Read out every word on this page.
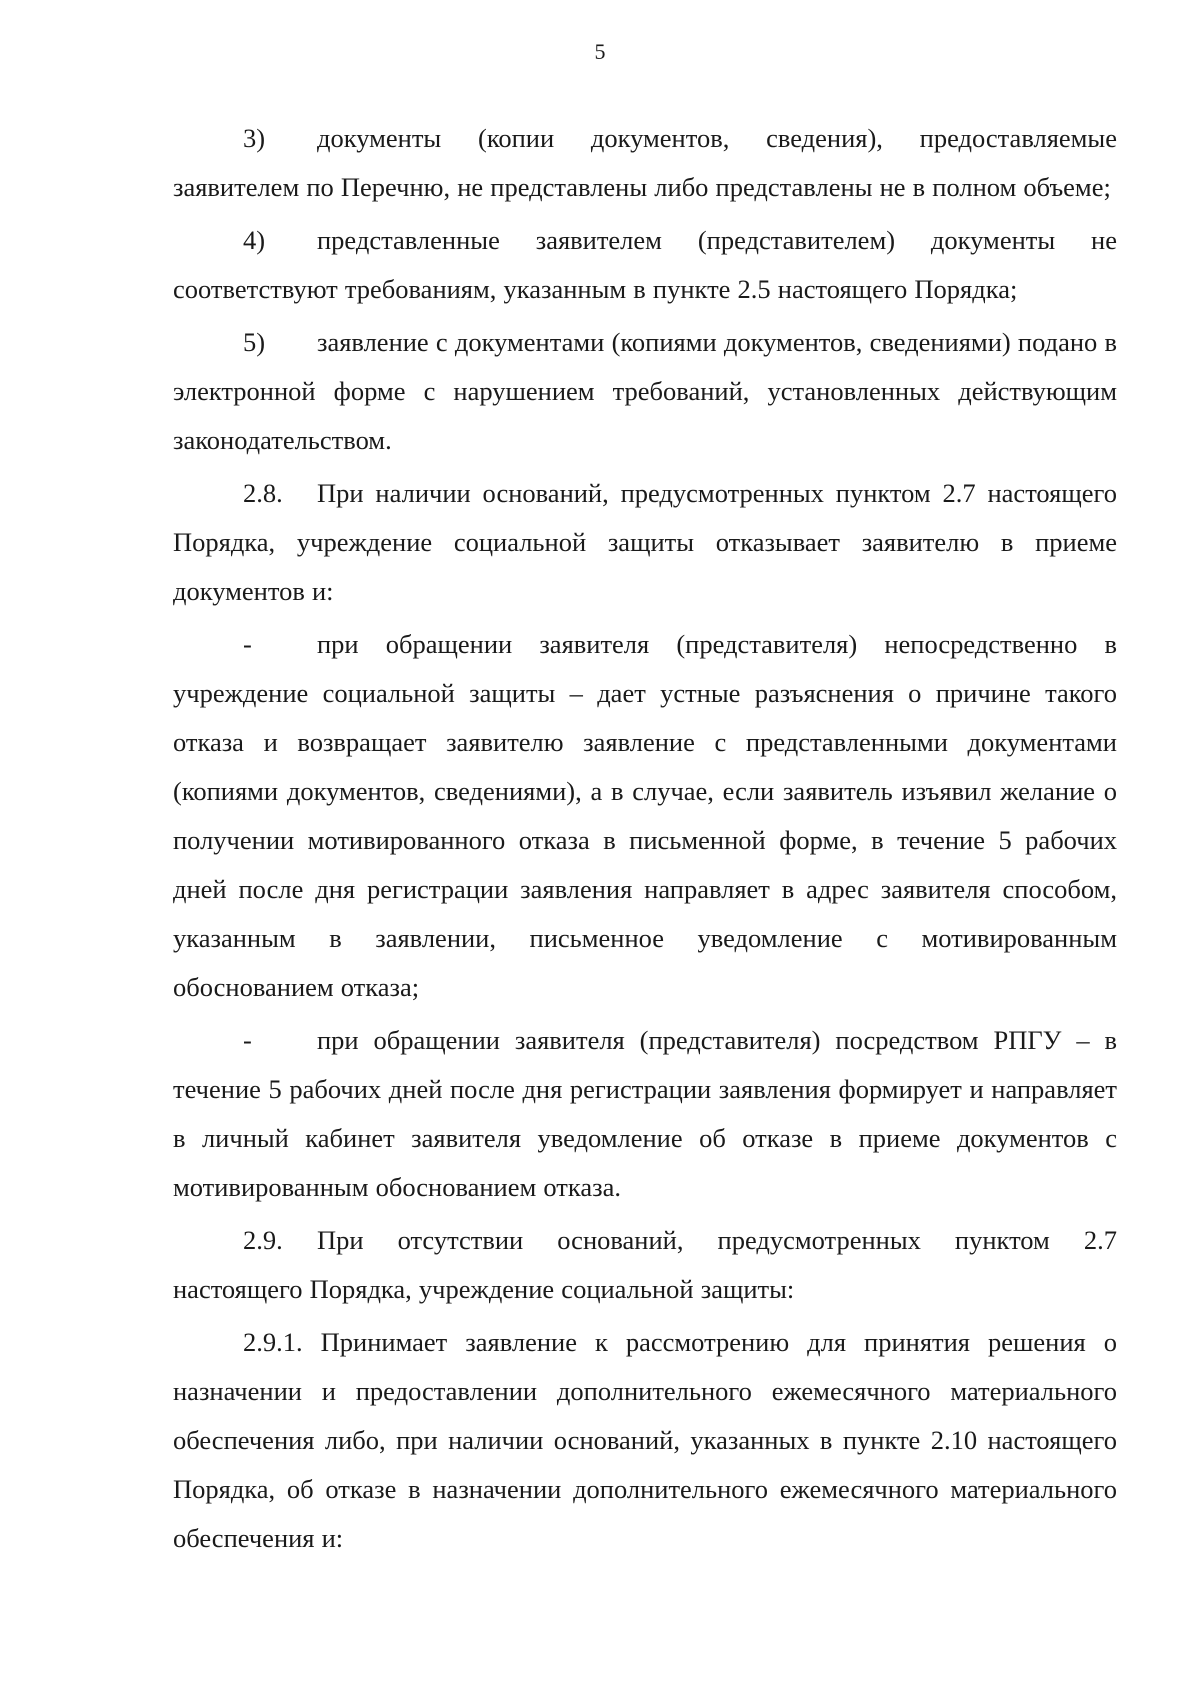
5

3) документы (копии документов, сведения), предоставляемые заявителем по Перечню, не представлены либо представлены не в полном объеме;

4) представленные заявителем (представителем) документы не соответствуют требованиям, указанным в пункте 2.5 настоящего Порядка;

5) заявление с документами (копиями документов, сведениями) подано в электронной форме с нарушением требований, установленных действующим законодательством.

2.8. При наличии оснований, предусмотренных пунктом 2.7 настоящего Порядка, учреждение социальной защиты отказывает заявителю в приеме документов и:

- при обращении заявителя (представителя) непосредственно в учреждение социальной защиты – дает устные разъяснения о причине такого отказа и возвращает заявителю заявление с представленными документами (копиями документов, сведениями), а в случае, если заявитель изъявил желание о получении мотивированного отказа в письменной форме, в течение 5 рабочих дней после дня регистрации заявления направляет в адрес заявителя способом, указанным в заявлении, письменное уведомление с мотивированным обоснованием отказа;

- при обращении заявителя (представителя) посредством РПГУ – в течение 5 рабочих дней после дня регистрации заявления формирует и направляет в личный кабинет заявителя уведомление об отказе в приеме документов с мотивированным обоснованием отказа.

2.9. При отсутствии оснований, предусмотренных пунктом 2.7 настоящего Порядка, учреждение социальной защиты:

2.9.1. Принимает заявление к рассмотрению для принятия решения о назначении и предоставлении дополнительного ежемесячного материального обеспечения либо, при наличии оснований, указанных в пункте 2.10 настоящего Порядка, об отказе в назначении дополнительного ежемесячного материального обеспечения и:
